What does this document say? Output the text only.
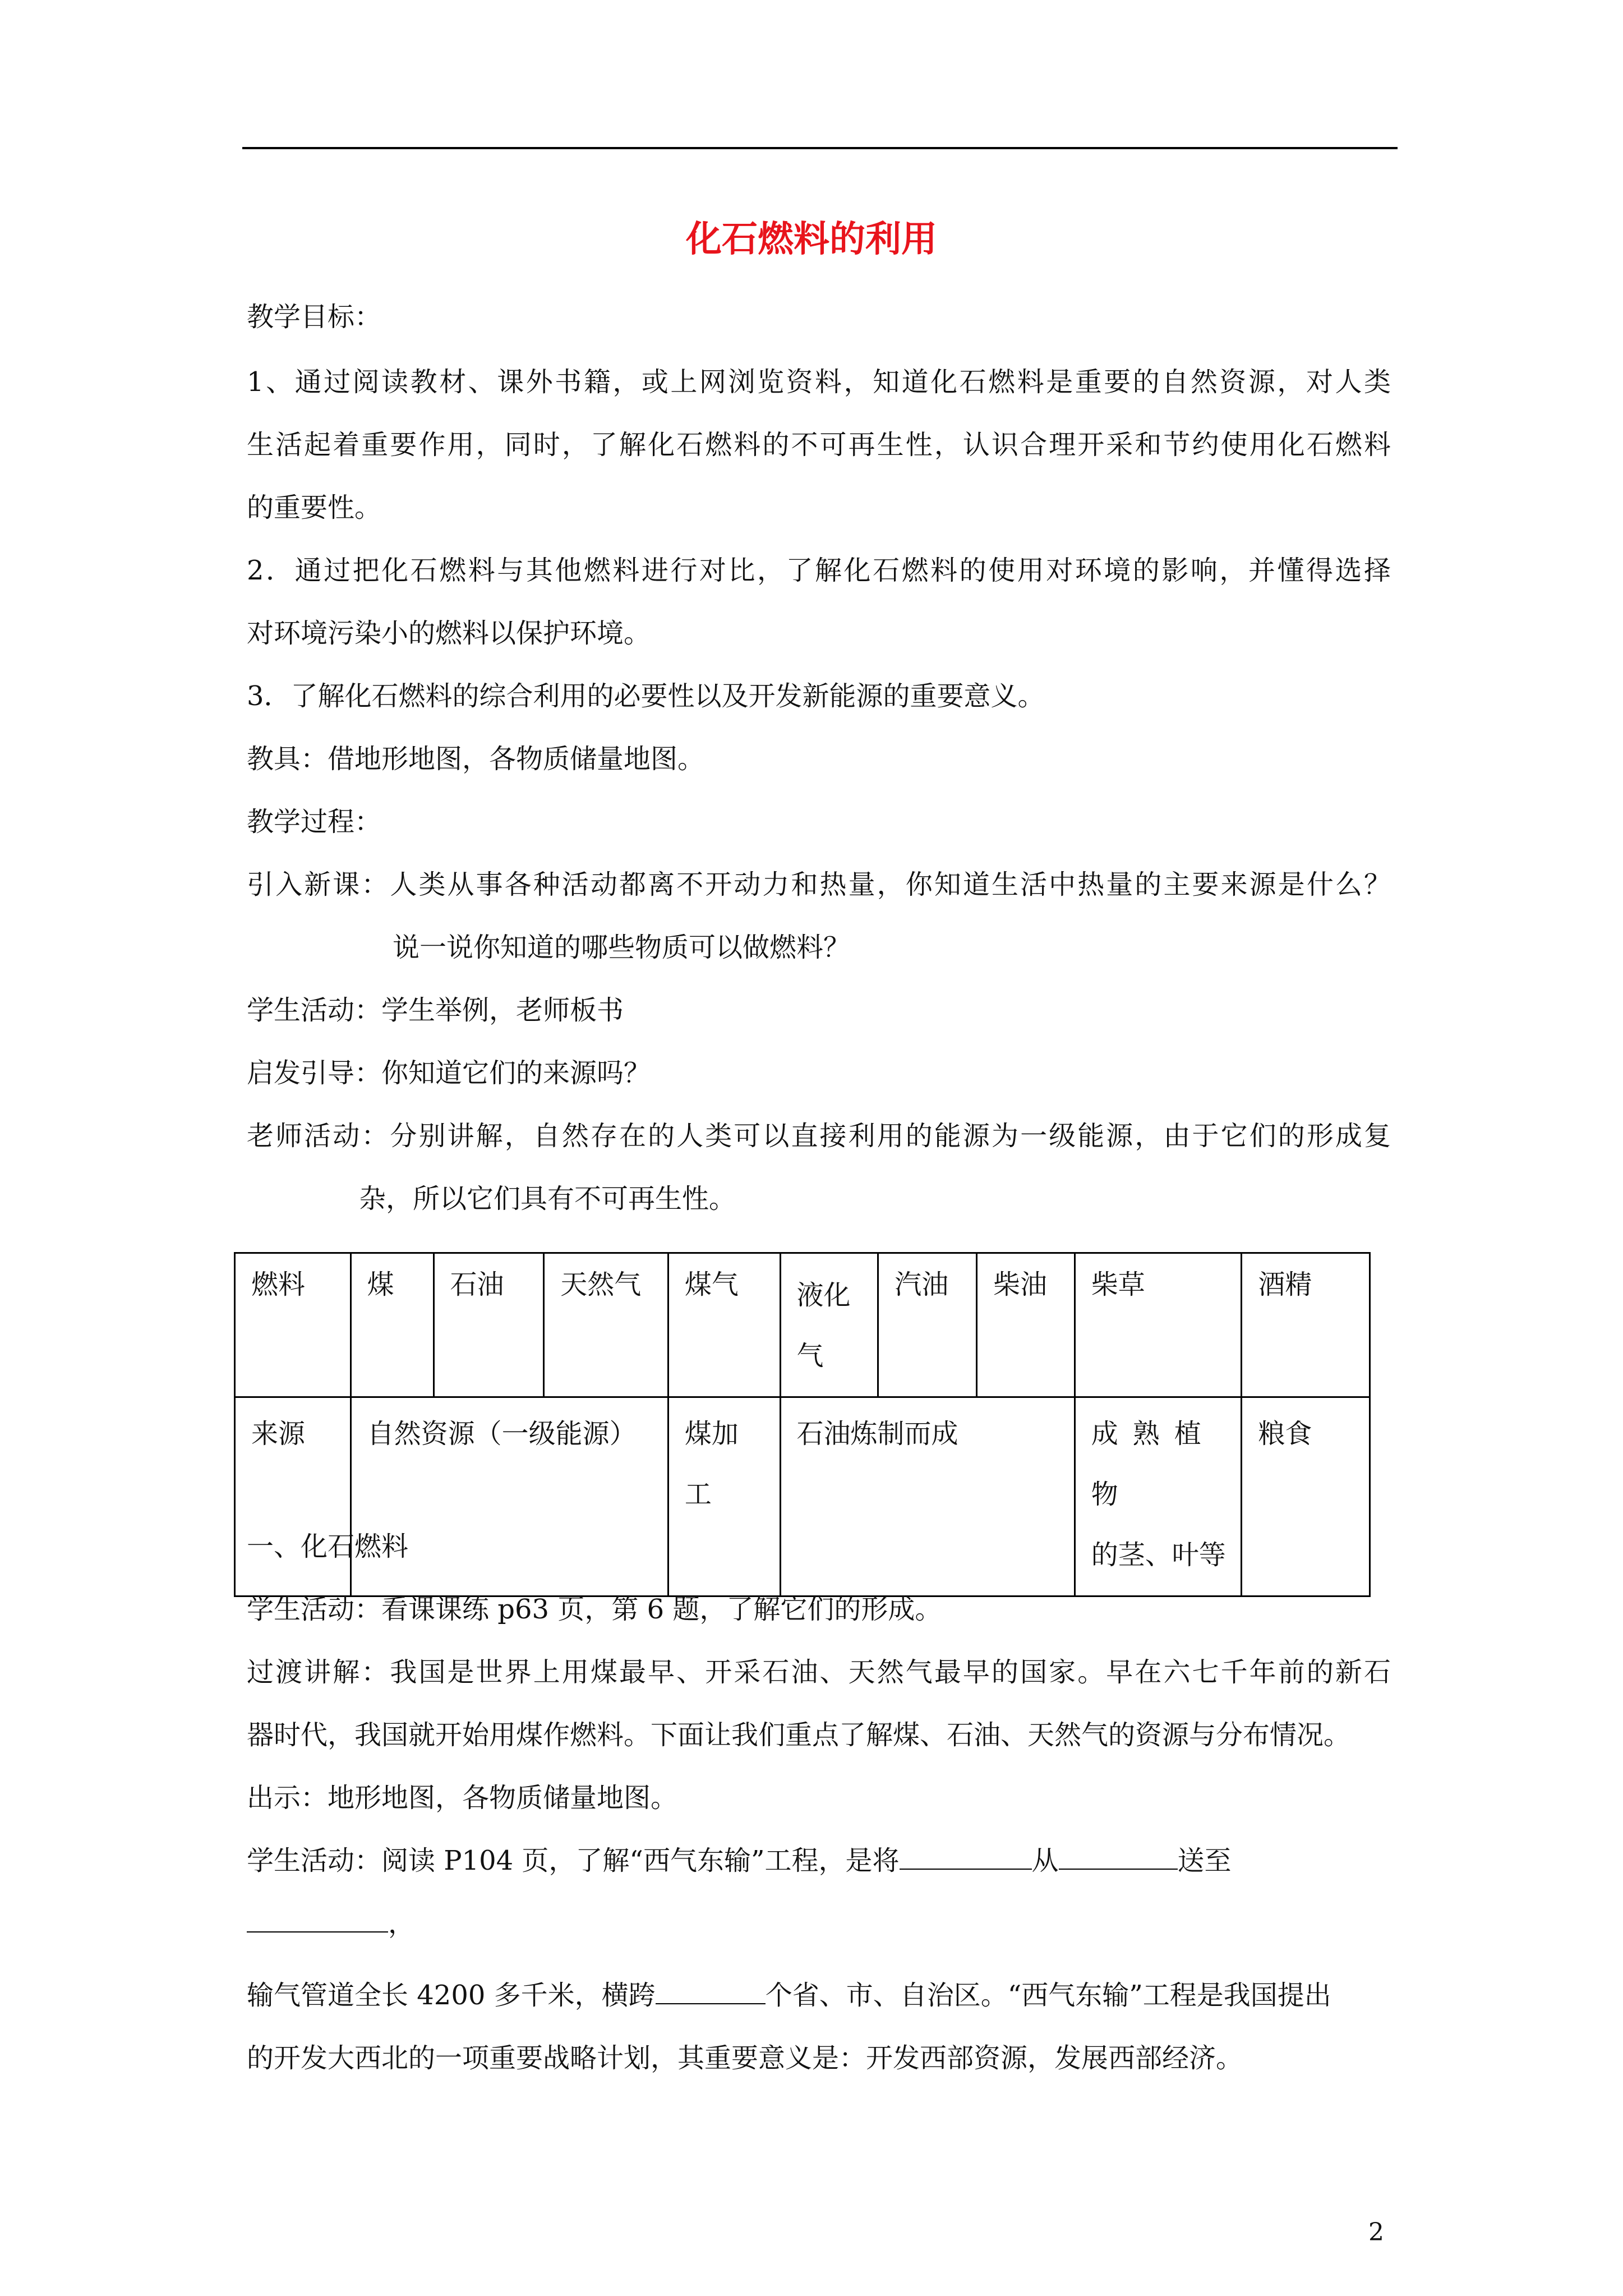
化石燃料的利用
教学目标：
1、通过阅读教材、课外书籍，或上网浏览资料，知道化石燃料是重要的自然资源，对人类
生活起着重要作用，同时，了解化石燃料的不可再生性，认识合理开采和节约使用化石燃料
的重要性。
2．通过把化石燃料与其他燃料进行对比，了解化石燃料的使用对环境的影响，并懂得选择
对环境污染小的燃料以保护环境。
3．了解化石燃料的综合利用的必要性以及开发新能源的重要意义。
教具：借地形地图，各物质储量地图。
教学过程：
引入新课：人类从事各种活动都离不开动力和热量，你知道生活中热量的主要来源是什么？
说一说你知道的哪些物质可以做燃料？
学生活动：学生举例，老师板书
启发引导：你知道它们的来源吗？
老师活动：分别讲解，自然存在的人类可以直接利用的能源为一级能源，由于它们的形成复
杂，所以它们具有不可再生性。
燃料	煤	石油	天然气	煤气	液化气	汽油	柴油	柴草	酒精
来源	自然资源（一级能源）			煤加工	石油炼制而成			成熟植物
的茎、叶等	粮食
一、化石燃料
学生活动：看课课练 p63 页，第 6 题，了解它们的形成。
过渡讲解：我国是世界上用煤最早、开采石油、天然气最早的国家。早在六七千年前的新石
器时代，我国就开始用煤作燃料。下面让我们重点了解煤、石油、天然气的资源与分布情况。
出示：地形地图，各物质储量地图。
学生活动：阅读 P104 页，了解“西气东输”工程，是将	从	送至
，
输气管道全长 4200 多千米，横跨	个省、市、自治区。“西气东输”工程是我国提出
的开发大西北的一项重要战略计划，其重要意义是：开发西部资源，发展西部经济。
2
